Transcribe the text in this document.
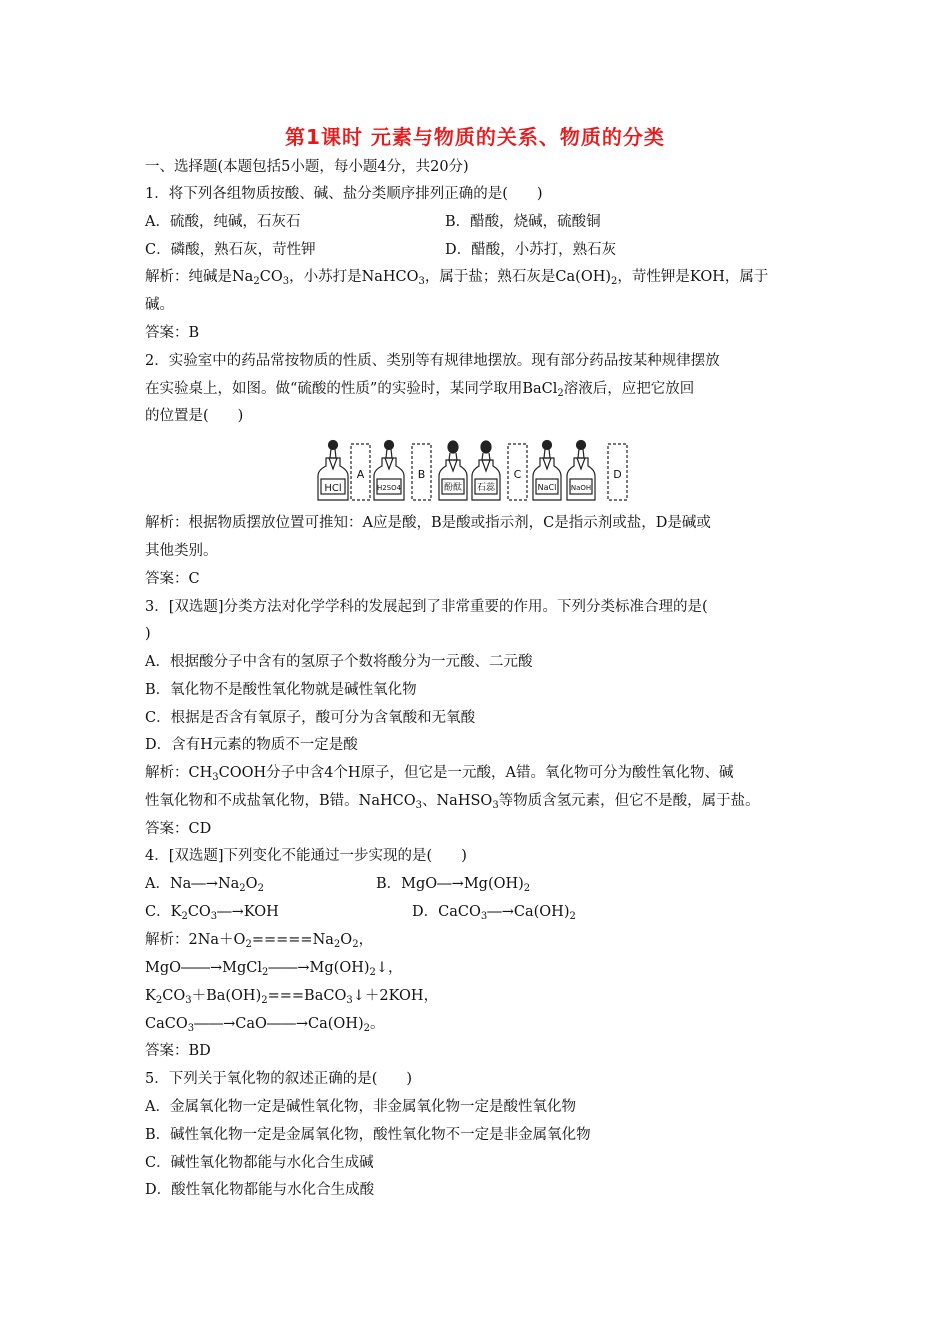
第1课时 元素与物质的关系、物质的分类

一、选择题(本题包括5小题，每小题4分，共20分)

1．将下列各组物质按酸、碱、盐分类顺序排列正确的是(　　)

A．硫酸，纯碱，石灰石	B．醋酸，烧碱，硫酸铜

C．磷酸，熟石灰，苛性钾	D．醋酸，小苏打，熟石灰

解析：纯碱是$Na_2CO_3$，小苏打是NaHCO$_3$，属于盐；熟石灰是$Ca(OH)_2$，苛性钾是KOH，属于

碱。

答案：B

2．实验室中的药品常按物质的性质、类别等有规律地摆放。现有部分药品按某种规律摆放

在实验桌上，如图。做“硫酸的性质”的实验时，某同学取用BaCl$_2$溶液后，应把它放回

的位置是(　　)

HCl	H2SO4	酚酞 石蕊	NaCl NaOH
A	B	C	D

解析：根据物质摆放位置可推知：A应是酸，B是酸或指示剂，C是指示剂或盐，D是碱或

其他类别。

答案：C

3．[双选题]分类方法对化学学科的发展起到了非常重要的作用。下列分类标准合理的是(

)

A．根据酸分子中含有的氢原子个数将酸分为一元酸、二元酸

B．氧化物不是酸性氧化物就是碱性氧化物

C．根据是否含有氧原子，酸可分为含氧酸和无氧酸

D．含有H元素的物质不一定是酸

解析：$CH_3COOH$分子中含4个H原子，但它是一元酸，A错。氧化物可分为酸性氧化物、碱

性氧化物和不成盐氧化物，B错。NaHCO$_3$、NaHSO$_3$等物质含氢元素，但它不是酸，属于盐。

答案：CD

4．[双选题]下列变化不能通过一步实现的是(　　)

A．$Na―\to Na_2O_2$	B．$MgO―\to Mg(OH)_2$

C．$K_2CO_3―\to KOH$	D．$CaCO_3―\to Ca(OH)_2$

解析：$2Na+O_2=====Na_2O_2$，

$MgO――\to MgCl_2――\to Mg(OH)_2↓$，

$K_2CO_3+Ba(OH)_2===BaCO_3↓+2KOH$，

$CaCO_3――\to CaO――\to Ca(OH)_2$。

答案：BD

5．下列关于氧化物的叙述正确的是(　　)

A．金属氧化物一定是碱性氧化物，非金属氧化物一定是酸性氧化物

B．碱性氧化物一定是金属氧化物，酸性氧化物不一定是非金属氧化物

C．碱性氧化物都能与水化合生成碱

D．酸性氧化物都能与水化合生成酸
